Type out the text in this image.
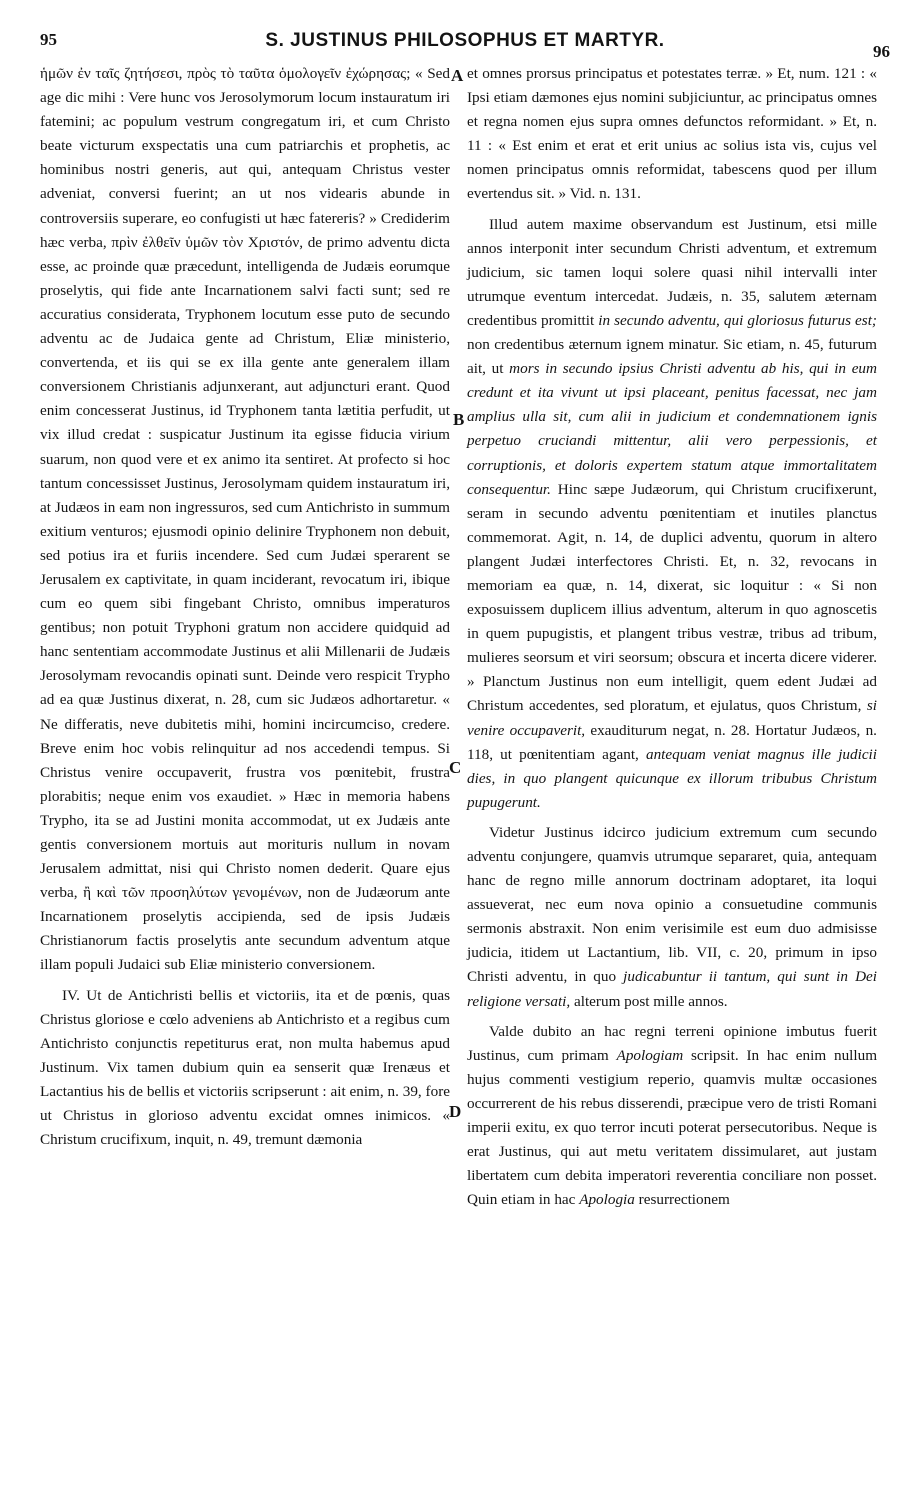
95	S. JUSTINUS PHILOSOPHUS ET MARTYR.
96

ἡμῶν ἐν ταῖς ζητήσεσι, πρὸς τὸ ταῦτα ὁμολογεῖν ἐχώρησας; « Sed age dic mihi : Vere hunc vos Jerosolymorum locum instauratum iri fatemini; ac populum vestrum congregatum iri, et cum Christo beate victurum exspectatis una cum patriarchis et prophetis, ac hominibus nostri generis, aut qui, antequam Christus vester adveniat, conversi fuerint; an ut nos videaris abunde in controversiis superare, eo confugisti ut hæc fatereris? » Crediderim hæc verba, πρὶν ἐλθεῖν ὑμῶν τὸν Χριστόν, de primo adventu dicta esse, ac proinde quæ præcedunt, intelligenda de Judæis eorumque proselytis, qui fide ante Incarnationem salvi facti sunt; sed re accuratius considerata, Tryphonem locutum esse puto de secundo adventu ac de Judaica gente ad Christum, Eliæ ministerio, convertenda, et iis qui se ex illa gente ante generalem illam conversionem Christianis adjunxerant, aut adjuncturi erant. Quod enim concesserat Justinus, id Tryphonem tanta lætitia perfudit, ut vix illud credat : suspicatur Justinum ita egisse fiducia virium suarum, non quod vere et ex animo ita sentiret. At profecto si hoc tantum concessisset Justinus, Jerosolymam quidem instauratum iri, at Judæos in eam non ingressuros, sed cum Antichristo in summum exitium venturos; ejusmodi opinio delinire Tryphonem non debuit, sed potius ira et furiis incendere. Sed cum Judæi sperarent se Jerusalem ex captivitate, in quam inciderant, revocatum iri, ibique cum eo quem sibi fingebant Christo, omnibus imperaturos gentibus; non potuit Tryphoni gratum non accidere quidquid ad hanc sententiam accommodate Justinus et alii Millenarii de Judæis Jerosolymam revocandis opinati sunt. Deinde vero respicit Trypho ad ea quæ Justinus dixerat, n. 28, cum sic Judæos adhortaretur. « Ne differatis, neve dubitetis mihi, homini incircumciso, credere. Breve enim hoc vobis relinquitur ad nos accedendi tempus. Si Christus venire occupaverit, frustra vos pœnitebit, frustra plorabitis; neque enim vos exaudiet. » Hæc in memoria habens Trypho, ita se ad Justini monita accommodat, ut ex Judæis ante gentis conversionem mortuis aut morituris nullum in novam Jerusalem admittat, nisi qui Christo nomen dederit. Quare ejus verba, ἢ καὶ τῶν προσηλύτων γενομένων, non de Judæorum ante Incarnationem proselytis accipienda, sed de ipsis Judæis Christianorum factis proselytis ante secundum adventum atque illam populi Judaici sub Eliæ ministerio conversionem.

IV. Ut de Antichristi bellis et victoriis, ita et de pœnis, quas Christus gloriose e cœlo adveniens ab Antichristo et a regibus cum Antichristo conjunctis repetiturus erat, non multa habemus apud Justinum. Vix tamen dubium quin ea senserit quæ Irenæus et Lactantius his de bellis et victoriis scripserunt : ait enim, n. 39, fore ut Christus in glorioso adventu excidat omnes inimicos. « Christum crucifixum, inquit, n. 49, tremunt dæmonia

A
B
C
D

et omnes prorsus principatus et potestates terræ. » Et, num. 121 : « Ipsi etiam dæmones ejus nomini subjiciuntur, ac principatus omnes et regna nomen ejus supra omnes defunctos reformidant. » Et, n. 11 : « Est enim et erat et erit unius ac solius ista vis, cujus vel nomen principatus omnis reformidat, tabescens quod per illum evertendus sit. » Vid. n. 131.

Illud autem maxime observandum est Justinum, etsi mille annos interponit inter secundum Christi adventum, et extremum judicium, sic tamen loqui solere quasi nihil intervalli inter utrumque eventum intercedat. Judæis, n. 35, salutem æternam credentibus promittit in secundo adventu, qui gloriosus futurus est; non credentibus æternum ignem minatur. Sic etiam, n. 45, futurum ait, ut mors in secundo ipsius Christi adventu ab his, qui in eum credunt et ita vivunt ut ipsi placeant, penitus facessat, nec jam amplius ulla sit, cum alii in judicium et condemnationem ignis perpetuo cruciandi mittentur, alii vero perpessionis, et corruptionis, et doloris expertem statum atque immortalitatem consequentur. Hinc sæpe Judæorum, qui Christum crucifixerunt, seram in secundo adventu pœnitentiam et inutiles planctus commemorat. Agit, n. 14, de duplici adventu, quorum in altero plangent Judæi interfectores Christi. Et, n. 32, revocans in memoriam ea quæ, n. 14, dixerat, sic loquitur : « Si non exposuissem duplicem illius adventum, alterum in quo agnoscetis in quem pupugistis, et plangent tribus vestræ, tribus ad tribum, mulieres seorsum et viri seorsum; obscura et incerta dicere viderer. » Planctum Justinus non eum intelligit, quem edent Judæi ad Christum accedentes, sed ploratum, et ejulatus, quos Christum, si venire occupaverit, exauditurum negat, n. 28. Hortatur Judæos, n. 118, ut pœnitentiam agant, antequam veniat magnus ille judicii dies, in quo plangent quicunque ex illorum tribubus Christum pupugerunt.

Videtur Justinus idcirco judicium extremum cum secundo adventu conjungere, quamvis utrumque separaret, quia, antequam hanc de regno mille annorum doctrinam adoptaret, ita loqui assueverat, nec eum nova opinio a consuetudine communis sermonis abstraxit. Non enim verisimile est eum duo admisisse judicia, itidem ut Lactantium, lib. VII, c. 20, primum in ipso Christi adventu, in quo judicabuntur ii tantum, qui sunt in Dei religione versati, alterum post mille annos.

Valde dubito an hac regni terreni opinione imbutus fuerit Justinus, cum primam Apologiam scripsit. In hac enim nullum hujus commenti vestigium reperio, quamvis multæ occasiones occurrerent de his rebus disserendi, præcipue vero de tristi Romani imperii exitu, ex quo terror incuti poterat persecutoribus. Neque is erat Justinus, qui aut metu veritatem dissimularet, aut justam libertatem cum debita imperatori reverentia conciliare non posset. Quin etiam in hac Apologia resurrectionem
